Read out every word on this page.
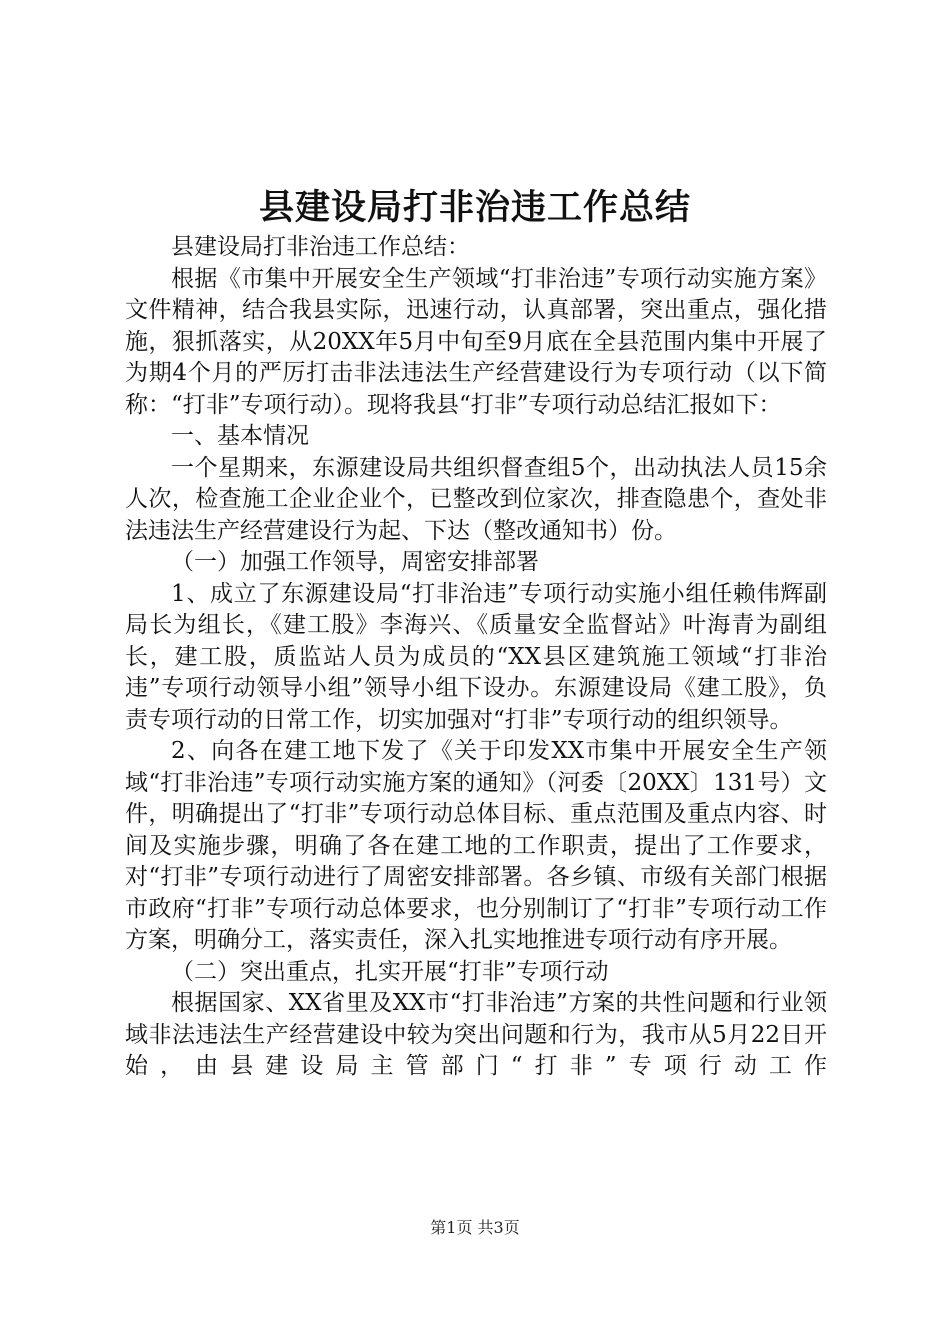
县建设局打非治违工作总结

县建设局打非治违工作总结：

根据《市集中开展安全生产领域“打非治违”专项行动实施方案》文件精神，结合我县实际，迅速行动，认真部署，突出重点，强化措施，狠抓落实，从20XX年5月中旬至9月底在全县范围内集中开展了为期4个月的严厉打击非法违法生产经营建设行为专项行动（以下简称：“打非”专项行动）。现将我县“打非”专项行动总结汇报如下：

一、基本情况

一个星期来，东源建设局共组织督查组5个，出动执法人员15余人次，检查施工企业企业个，已整改到位家次，排查隐患个，查处非法违法生产经营建设行为起、下达（整改通知书）份。

（一）加强工作领导，周密安排部署

1、成立了东源建设局“打非治违”专项行动实施小组任赖伟辉副局长为组长，《建工股》李海兴、《质量安全监督站》叶海青为副组长，建工股，质监站人员为成员的“XX县区建筑施工领域“打非治违”专项行动领导小组”领导小组下设办。东源建设局《建工股》，负责专项行动的日常工作，切实加强对“打非”专项行动的组织领导。

2、向各在建工地下发了《关于印发XX市集中开展安全生产领域“打非治违”专项行动实施方案的通知》（河委〔20XX〕131号）文件，明确提出了“打非”专项行动总体目标、重点范围及重点内容、时间及实施步骤，明确了各在建工地的工作职责，提出了工作要求，对“打非”专项行动进行了周密安排部署。各乡镇、市级有关部门根据市政府“打非”专项行动总体要求，也分别制订了“打非”专项行动工作方案，明确分工，落实责任，深入扎实地推进专项行动有序开展。

（二）突出重点，扎实开展“打非”专项行动

根据国家、XX省里及XX市“打非治违”方案的共性问题和行业领域非法违法生产经营建设中较为突出问题和行为，我市从5月22日开始，由县建设局主管部门“打非”专项行动工作

第1页 共3页
